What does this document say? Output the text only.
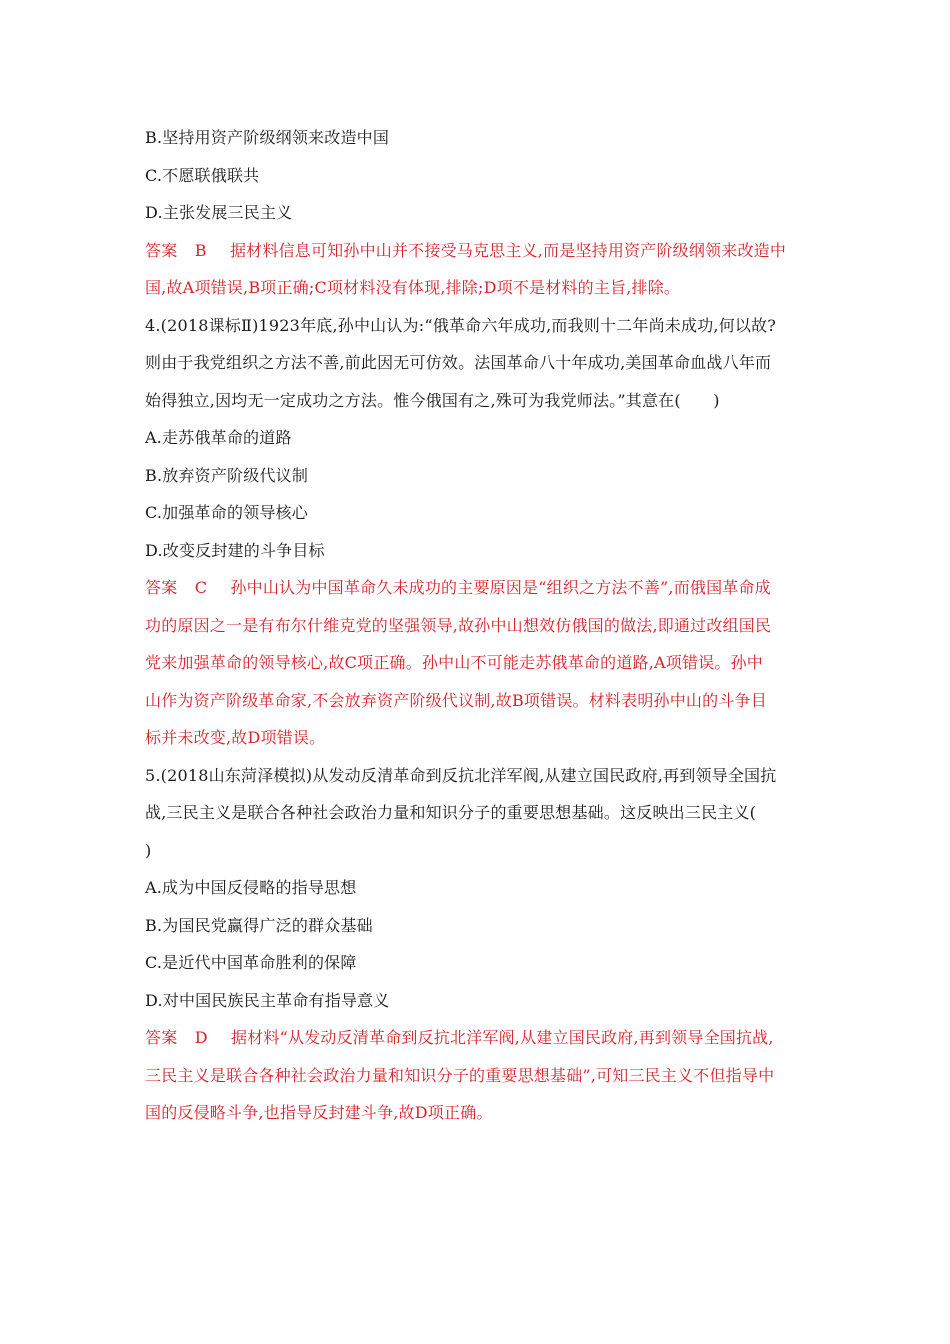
B.坚持用资产阶级纲领来改造中国
C.不愿联俄联共
D.主张发展三民主义
答案 B 据材料信息可知孙中山并不接受马克思主义,而是坚持用资产阶级纲领来改造中
国,故A项错误,B项正确;C项材料没有体现,排除;D项不是材料的主旨,排除。
4.(2018课标Ⅱ)1923年底,孙中山认为:“俄革命六年成功,而我则十二年尚未成功,何以故?
则由于我党组织之方法不善,前此因无可仿效。法国革命八十年成功,美国革命血战八年而
始得独立,因均无一定成功之方法。惟今俄国有之,殊可为我党师法。”其意在(　　)
A.走苏俄革命的道路
B.放弃资产阶级代议制
C.加强革命的领导核心
D.改变反封建的斗争目标
答案 C 孙中山认为中国革命久未成功的主要原因是“组织之方法不善”,而俄国革命成
功的原因之一是有布尔什维克党的坚强领导,故孙中山想效仿俄国的做法,即通过改组国民
党来加强革命的领导核心,故C项正确。孙中山不可能走苏俄革命的道路,A项错误。孙中
山作为资产阶级革命家,不会放弃资产阶级代议制,故B项错误。材料表明孙中山的斗争目
标并未改变,故D项错误。
5.(2018山东菏泽模拟)从发动反清革命到反抗北洋军阀,从建立国民政府,再到领导全国抗
战,三民主义是联合各种社会政治力量和知识分子的重要思想基础。这反映出三民主义(
)
A.成为中国反侵略的指导思想
B.为国民党赢得广泛的群众基础
C.是近代中国革命胜利的保障
D.对中国民族民主革命有指导意义
答案 D 据材料“从发动反清革命到反抗北洋军阀,从建立国民政府,再到领导全国抗战,
三民主义是联合各种社会政治力量和知识分子的重要思想基础”,可知三民主义不但指导中
国的反侵略斗争,也指导反封建斗争,故D项正确。
